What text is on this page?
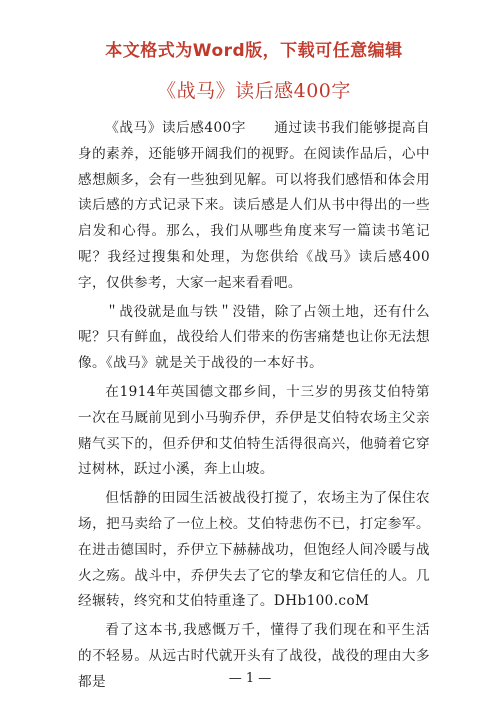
本文格式为Word版，下载可任意编辑
《战马》读后感400字

《战马》读后感400字　　通过读书我们能够提高自身的素养，还能够开阔我们的视野。在阅读作品后，心中感想颇多，会有一些独到见解。可以将我们感悟和体会用读后感的方式记录下来。读后感是人们从书中得出的一些启发和心得。那么，我们从哪些角度来写一篇读书笔记呢？我经过搜集和处理，为您供给《战马》读后感400字，仅供参考，大家一起来看看吧。

＂战役就是血与铁＂没错，除了占领土地，还有什么呢？只有鲜血，战役给人们带来的伤害痛楚也让你无法想像。《战马》就是关于战役的一本好书。

在1914年英国德文郡乡间，十三岁的男孩艾伯特第一次在马厩前见到小马驹乔伊，乔伊是艾伯特农场主父亲赌气买下的，但乔伊和艾伯特生活得很高兴，他骑着它穿过树林，跃过小溪，奔上山坡。

但恬静的田园生活被战役打搅了，农场主为了保住农场，把马卖给了一位上校。艾伯特悲伤不已，打定参军。在进击德国时，乔伊立下赫赫战功，但饱经人间冷暖与战火之殇。战斗中，乔伊失去了它的挚友和它信任的人。几经辗转，终究和艾伯特重逢了。DHb100.coM

看了这本书,我感慨万千，懂得了我们现在和平生活的不轻易。从远古时代就开头有了战役，战役的理由大多都是	— 1 —
